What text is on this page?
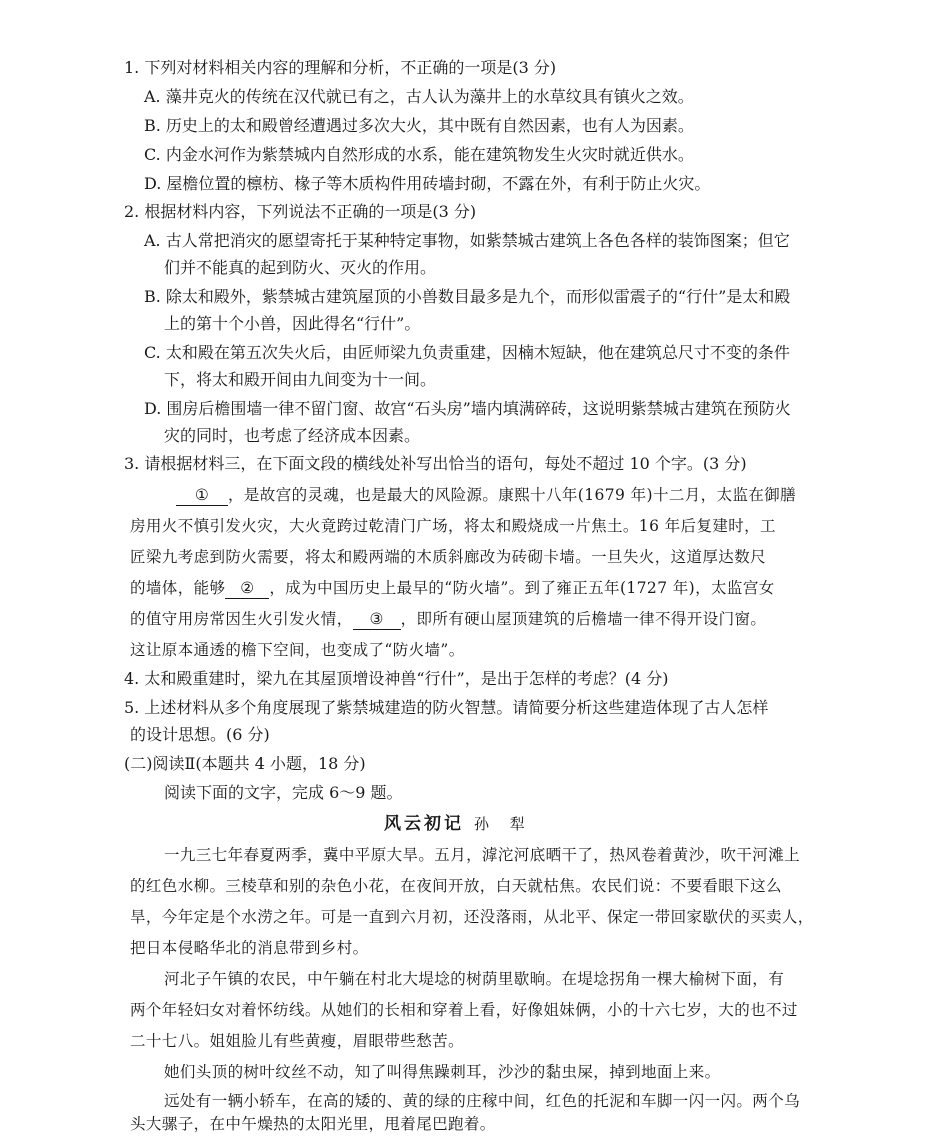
1. 下列对材料相关内容的理解和分析，不正确的一项是(3 分)
A. 藻井克火的传统在汉代就已有之，古人认为藻井上的水草纹具有镇火之效。
B. 历史上的太和殿曾经遭遇过多次大火，其中既有自然因素，也有人为因素。
C. 内金水河作为紫禁城内自然形成的水系，能在建筑物发生火灾时就近供水。
D. 屋檐位置的檩枋、椽子等木质构件用砖墙封砌，不露在外，有利于防止火灾。
2. 根据材料内容，下列说法不正确的一项是(3 分)
A. 古人常把消灾的愿望寄托于某种特定事物，如紫禁城古建筑上各色各样的装饰图案；但它
们并不能真的起到防火、灭火的作用。
B. 除太和殿外，紫禁城古建筑屋顶的小兽数目最多是九个，而形似雷震子的“行什”是太和殿
上的第十个小兽，因此得名“行什”。
C. 太和殿在第五次失火后，由匠师梁九负责重建，因楠木短缺，他在建筑总尺寸不变的条件
下，将太和殿开间由九间变为十一间。
D. 围房后檐围墙一律不留门窗、故宫“石头房”墙内填满碎砖，这说明紫禁城古建筑在预防火
灾的同时，也考虑了经济成本因素。
3. 请根据材料三，在下面文段的横线处补写出恰当的语句，每处不超过 10 个字。(3 分)
① ，是故宫的灵魂，也是最大的风险源。康熙十八年(1679 年)十二月，太监在御膳
房用火不慎引发火灾，大火竟跨过乾清门广场，将太和殿烧成一片焦土。16 年后复建时，工
匠梁九考虑到防火需要，将太和殿两端的木质斜廊改为砖砌卡墙。一旦失火，这道厚达数尺
的墙体，能够 ② ，成为中国历史上最早的“防火墙”。到了雍正五年(1727 年)，太监宫女
的值守用房常因生火引发火情， ③ ，即所有硬山屋顶建筑的后檐墙一律不得开设门窗。
这让原本通透的檐下空间，也变成了“防火墙”。
4. 太和殿重建时，梁九在其屋顶增设神兽“行什”，是出于怎样的考虑？(4 分)
5. 上述材料从多个角度展现了紫禁城建造的防火智慧。请简要分析这些建造体现了古人怎样
的设计思想。(6 分)
(二)阅读Ⅱ(本题共 4 小题，18 分)
阅读下面的文字，完成 6～9 题。
风云初记 孙 犁
一九三七年春夏两季，冀中平原大旱。五月，滹沱河底晒干了，热风卷着黄沙，吹干河滩上
的红色水柳。三棱草和别的杂色小花，在夜间开放，白天就枯焦。农民们说：不要看眼下这么
旱，今年定是个水涝之年。可是一直到六月初，还没落雨，从北平、保定一带回家歇伏的买卖人，
把日本侵略华北的消息带到乡村。
河北子午镇的农民，中午躺在村北大堤埝的树荫里歇晌。在堤埝拐角一棵大榆树下面，有
两个年轻妇女对着怀纺线。从她们的长相和穿着上看，好像姐妹俩，小的十六七岁，大的也不过
二十七八。姐姐脸儿有些黄瘦，眉眼带些愁苦。
她们头顶的树叶纹丝不动，知了叫得焦躁刺耳，沙沙的黏虫屎，掉到地面上来。
远处有一辆小轿车，在高的矮的、黄的绿的庄稼中间，红色的托泥和车脚一闪一闪。两个乌
头大骡子，在中午燥热的太阳光里，甩着尾巴跑着。
